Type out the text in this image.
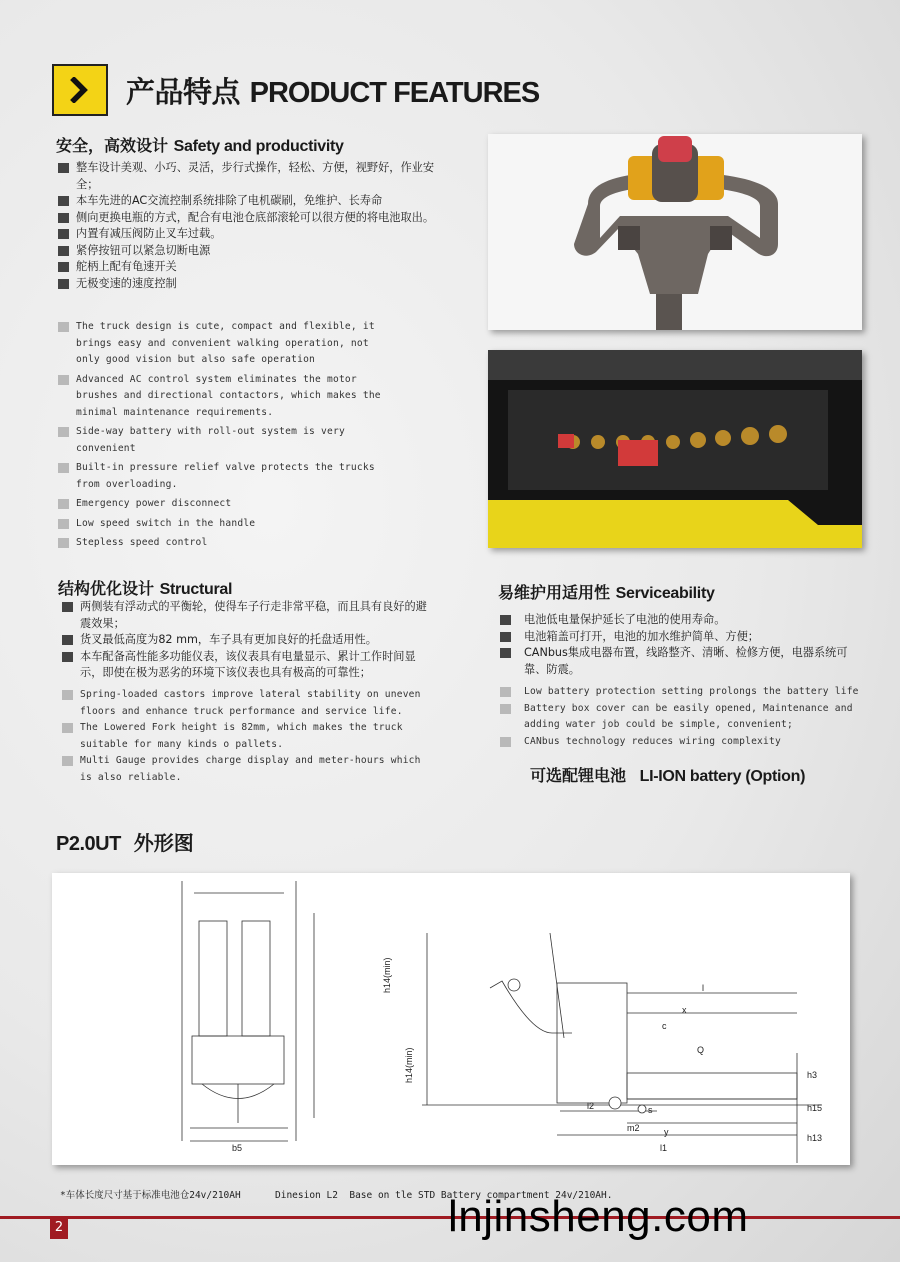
产品特点 PRODUCT FEATURES
安全，高效设计 Safety and productivity
整车设计美观、小巧、灵活，步行式操作，轻松、方便，视野好，作业安全；
本车先进的AC交流控制系统排除了电机碳刷，免维护、长寿命
侧向更换电瓶的方式，配合有电池仓底部滚轮可以很方便的将电池取出。
内置有减压阀防止叉车过载。
紧停按钮可以紧急切断电源
舵柄上配有龟速开关
无极变速的速度控制
The truck design is cute, compact and flexible, it brings easy and convenient walking operation, not only good vision but also safe operation
Advanced AC control system eliminates the motor brushes and directional contactors, which makes the minimal maintenance requirements.
Side-way battery with roll-out system is very convenient
Built-in pressure relief valve protects the trucks from overloading.
Emergency power disconnect
Low speed switch in the handle
Stepless speed control
结构优化设计 Structural
两侧装有浮动式的平衡轮，使得车子行走非常平稳，而且具有良好的避震效果；
货叉最低高度为82 mm，车子具有更加良好的托盘适用性。
本车配备高性能多功能仪表，该仪表具有电量显示、累计工作时间显示，即使在极为恶劣的环境下该仪表也具有极高的可靠性；
Spring-loaded castors improve lateral stability on uneven floors and enhance truck performance and service life.
The Lowered Fork height is 82mm, which makes the truck suitable for many kinds o pallets.
Multi Gauge provides charge display and meter-hours which is also reliable.
易维护用适用性 Serviceability
电池低电量保护延长了电池的使用寿命。
电池箱盖可打开，电池的加水维护简单、方便；
CANbus集成电器布置，线路整齐、清晰、检修方便，电器系统可靠、防震。
Low battery protection setting prolongs the battery life
Battery box cover can be easily opened, Maintenance and adding water job could be simple, convenient;
CANbus technology reduces wiring complexity
可选配锂电池 LI-ION battery (Option)
P2.0UT 外形图
h14(min)
h14(min)
l
x
c
Q
h3
h13
h15
l2
m2
s
y
l1
b5
*车体长度尺寸基于标准电池仓24v/210AH      Dinesion L2  Base on tle STD Battery compartment 24v/210AH.
2	lnjinsheng.com
